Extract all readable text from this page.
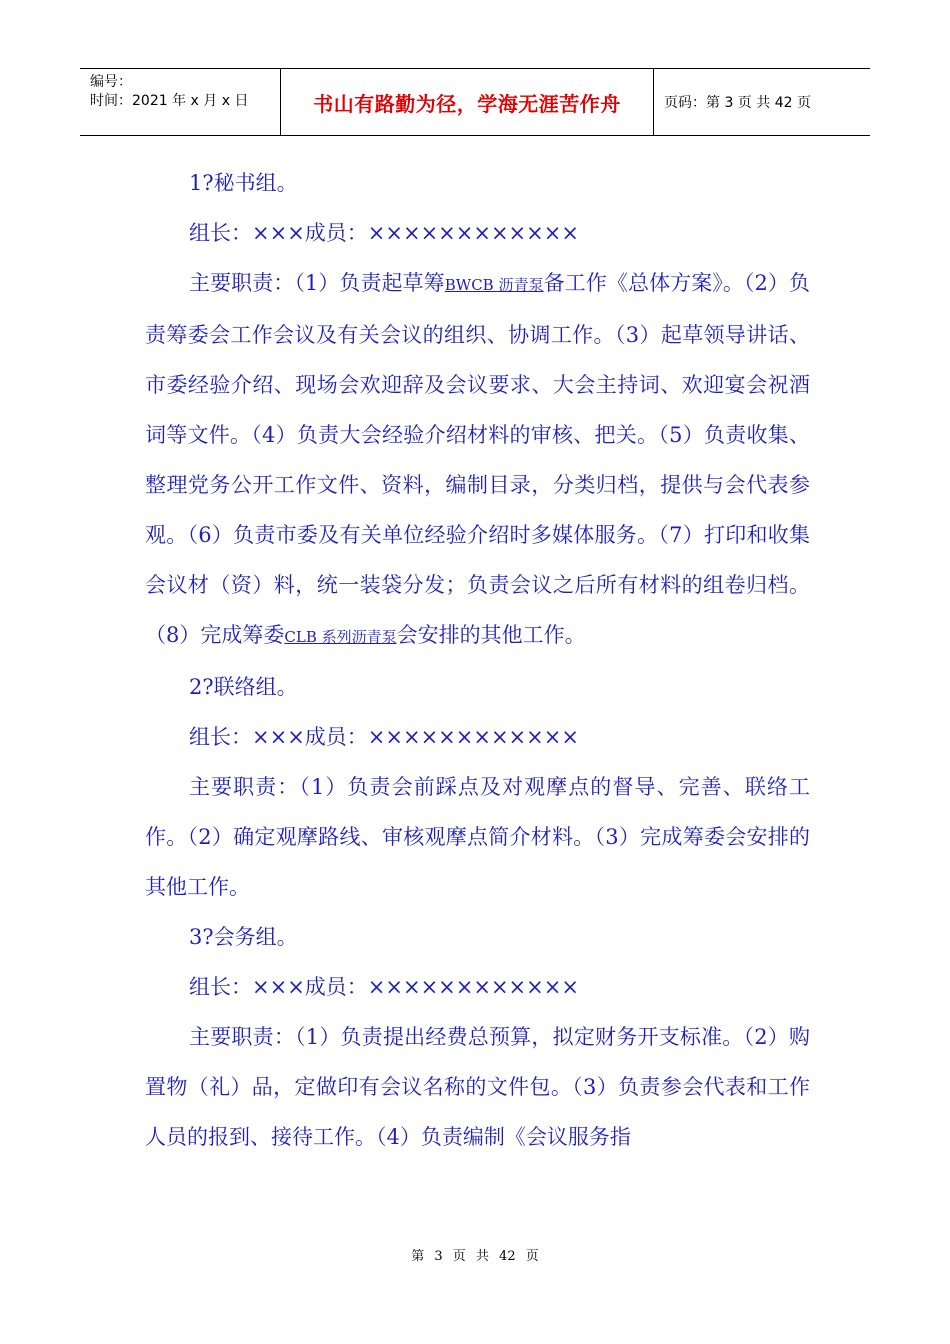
编号：
时间：2021 年 x 月 x 日	书山有路勤为径，学海无涯苦作舟	页码：第 3 页 共 42 页

1?秘书组。

组长：×××成员：××××××××××××

主要职责：（1）负责起草筹BWCB 沥青泵备工作《总体方案》。（2）负责筹委会工作会议及有关会议的组织、协调工作。（3）起草领导讲话、市委经验介绍、现场会欢迎辞及会议要求、大会主持词、欢迎宴会祝酒词等文件。（4）负责大会经验介绍材料的审核、把关。（5）负责收集、整理党务公开工作文件、资料，编制目录，分类归档，提供与会代表参观。（6）负责市委及有关单位经验介绍时多媒体服务。（7）打印和收集会议材（资）料，统一装袋分发；负责会议之后所有材料的组卷归档。（8）完成筹委CLB 系列沥青泵会安排的其他工作。

2?联络组。

组长：×××成员：××××××××××××

主要职责：（1）负责会前踩点及对观摩点的督导、完善、联络工作。（2）确定观摩路线、审核观摩点简介材料。（3）完成筹委会安排的其他工作。

3?会务组。

组长：×××成员：××××××××××××

主要职责：（1）负责提出经费总预算，拟定财务开支标准。（2）购置物（礼）品，定做印有会议名称的文件包。（3）负责参会代表和工作人员的报到、接待工作。（4）负责编制《会议服务指

第 3 页 共 42 页
